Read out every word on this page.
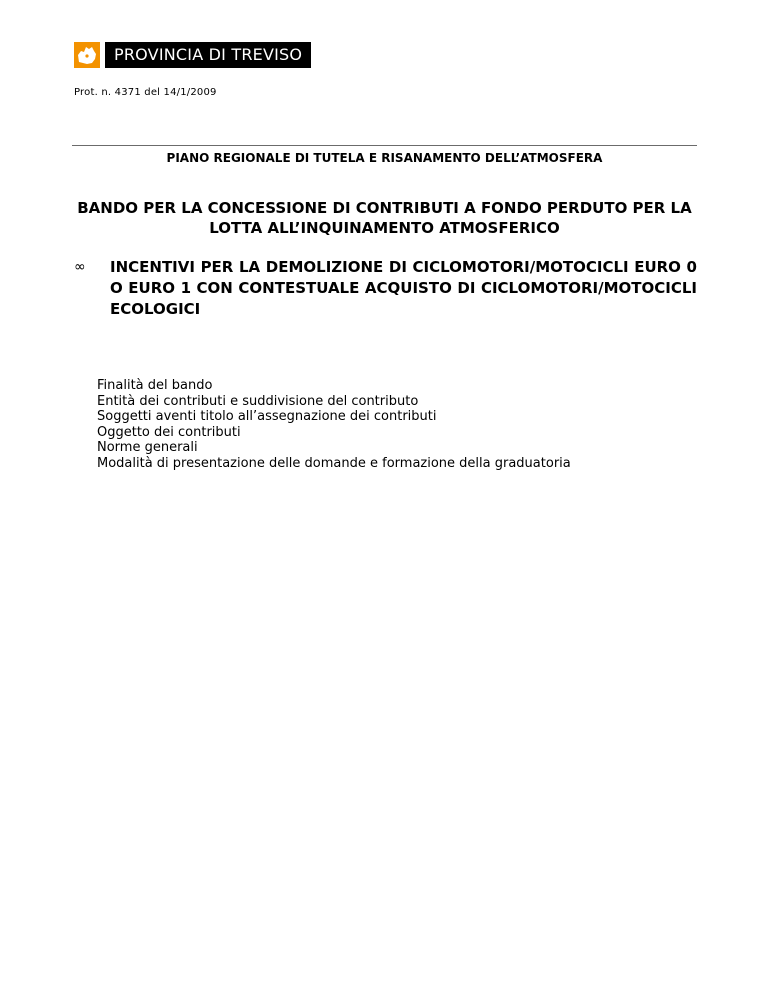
PROVINCIA DI TREVISO
Prot. n. 4371 del 14/1/2009
PIANO REGIONALE DI TUTELA E RISANAMENTO DELL’ATMOSFERA
BANDO PER LA CONCESSIONE DI CONTRIBUTI A FONDO PERDUTO PER LA
LOTTA ALL’INQUINAMENTO ATMOSFERICO
∞	INCENTIVI PER LA DEMOLIZIONE DI CICLOMOTORI/MOTOCICLI EURO 0 O EURO 1 CON CONTESTUALE ACQUISTO DI CICLOMOTORI/MOTOCICLI ECOLOGICI
Finalità del bando
Entità dei contributi e suddivisione del contributo
Soggetti aventi titolo all’assegnazione dei contributi
Oggetto dei contributi
Norme generali
Modalità di presentazione delle domande e formazione della graduatoria
